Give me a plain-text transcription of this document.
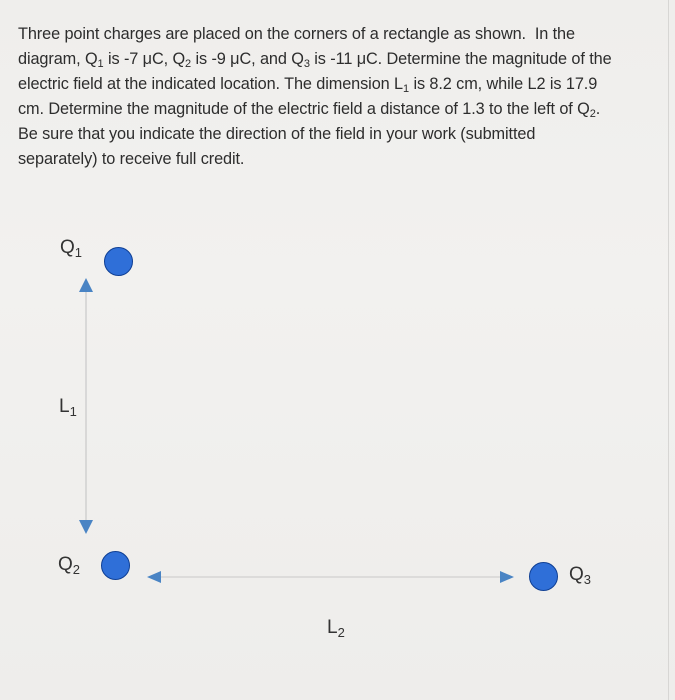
Three point charges are placed on the corners of a rectangle as shown.  In the
diagram, $Q_1$ is -7 μC, $Q_2$ is -9 μC, and $Q_3$ is -11 μC. Determine the magnitude of the
electric field at the indicated location. The dimension $L_1$ is 8.2 cm, while L2 is 17.9
cm. Determine the magnitude of the electric field a distance of 1.3 to the left of $Q_2$.
Be sure that you indicate the direction of the field in your work (submitted
separately) to receive full credit.
$Q_1$
$Q_2$	$Q_3$
$L_1$
$L_2$
